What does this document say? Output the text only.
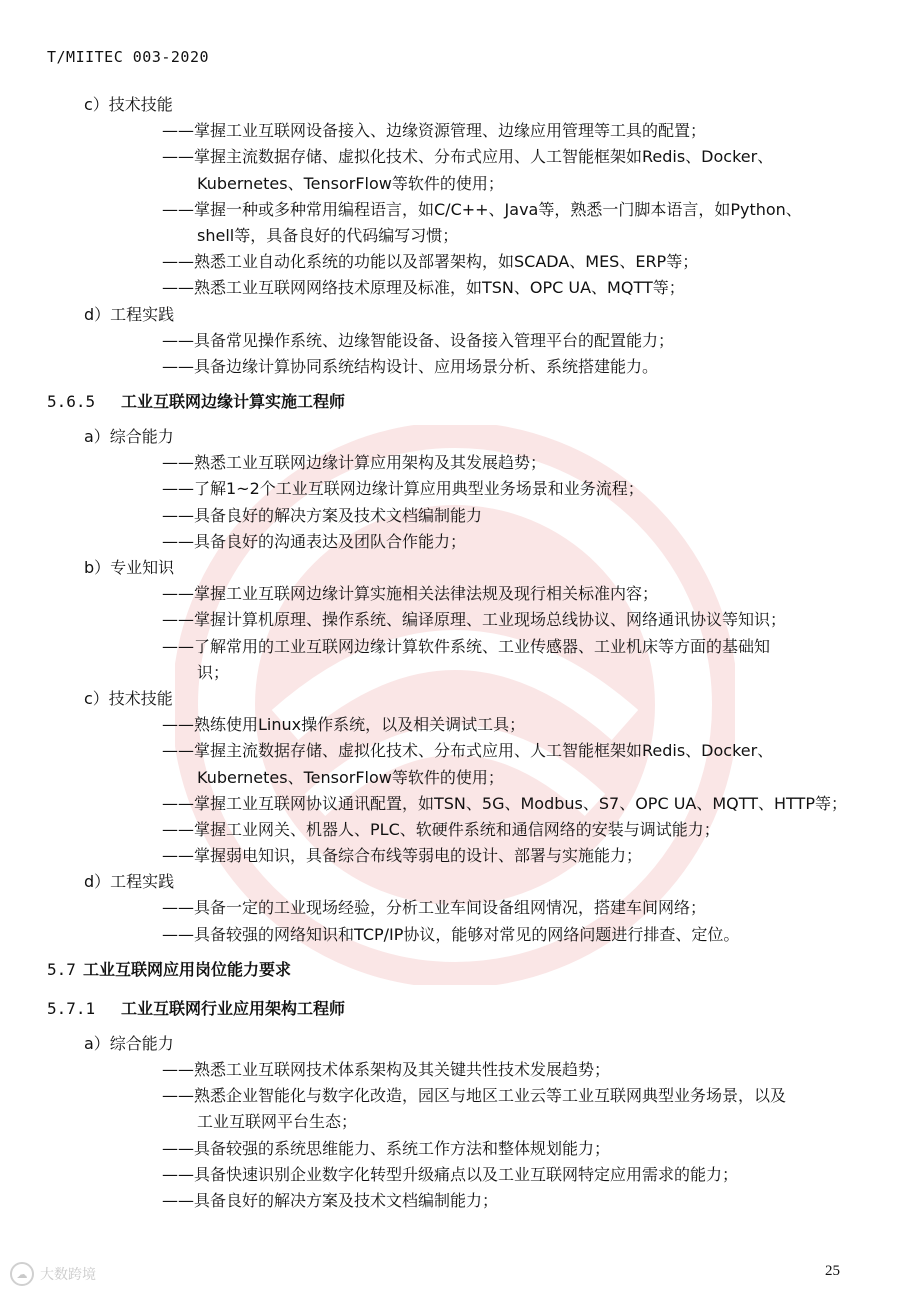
T/MIITEC 003-2020
c）技术技能
——掌握工业互联网设备接入、边缘资源管理、边缘应用管理等工具的配置；
——掌握主流数据存储、虚拟化技术、分布式应用、人工智能框架如Redis、Docker、
Kubernetes、TensorFlow等软件的使用；
——掌握一种或多种常用编程语言，如C/C++、Java等，熟悉一门脚本语言，如Python、
shell等，具备良好的代码编写习惯；
——熟悉工业自动化系统的功能以及部署架构，如SCADA、MES、ERP等；
——熟悉工业互联网网络技术原理及标准，如TSN、OPC UA、MQTT等；
d）工程实践
——具备常见操作系统、边缘智能设备、设备接入管理平台的配置能力；
——具备边缘计算协同系统结构设计、应用场景分析、系统搭建能力。
5.6.5 工业互联网边缘计算实施工程师
a）综合能力
——熟悉工业互联网边缘计算应用架构及其发展趋势；
——了解1~2个工业互联网边缘计算应用典型业务场景和业务流程；
——具备良好的解决方案及技术文档编制能力
——具备良好的沟通表达及团队合作能力；
b）专业知识
——掌握工业互联网边缘计算实施相关法律法规及现行相关标准内容；
——掌握计算机原理、操作系统、编译原理、工业现场总线协议、网络通讯协议等知识；
——了解常用的工业互联网边缘计算软件系统、工业传感器、工业机床等方面的基础知
识；
c）技术技能
——熟练使用Linux操作系统，以及相关调试工具；
——掌握主流数据存储、虚拟化技术、分布式应用、人工智能框架如Redis、Docker、
Kubernetes、TensorFlow等软件的使用；
——掌握工业互联网协议通讯配置，如TSN、5G、Modbus、S7、OPC UA、MQTT、HTTP等；
——掌握工业网关、机器人、PLC、软硬件系统和通信网络的安装与调试能力；
——掌握弱电知识，具备综合布线等弱电的设计、部署与实施能力；
d）工程实践
——具备一定的工业现场经验，分析工业车间设备组网情况，搭建车间网络；
——具备较强的网络知识和TCP/IP协议，能够对常见的网络问题进行排查、定位。
5.7 工业互联网应用岗位能力要求
5.7.1 工业互联网行业应用架构工程师
a）综合能力
——熟悉工业互联网技术体系架构及其关键共性技术发展趋势；
——熟悉企业智能化与数字化改造，园区与地区工业云等工业互联网典型业务场景，以及
工业互联网平台生态；
——具备较强的系统思维能力、系统工作方法和整体规划能力；
——具备快速识别企业数字化转型升级痛点以及工业互联网特定应用需求的能力；
——具备良好的解决方案及技术文档编制能力；
25
☁ 大数跨境
